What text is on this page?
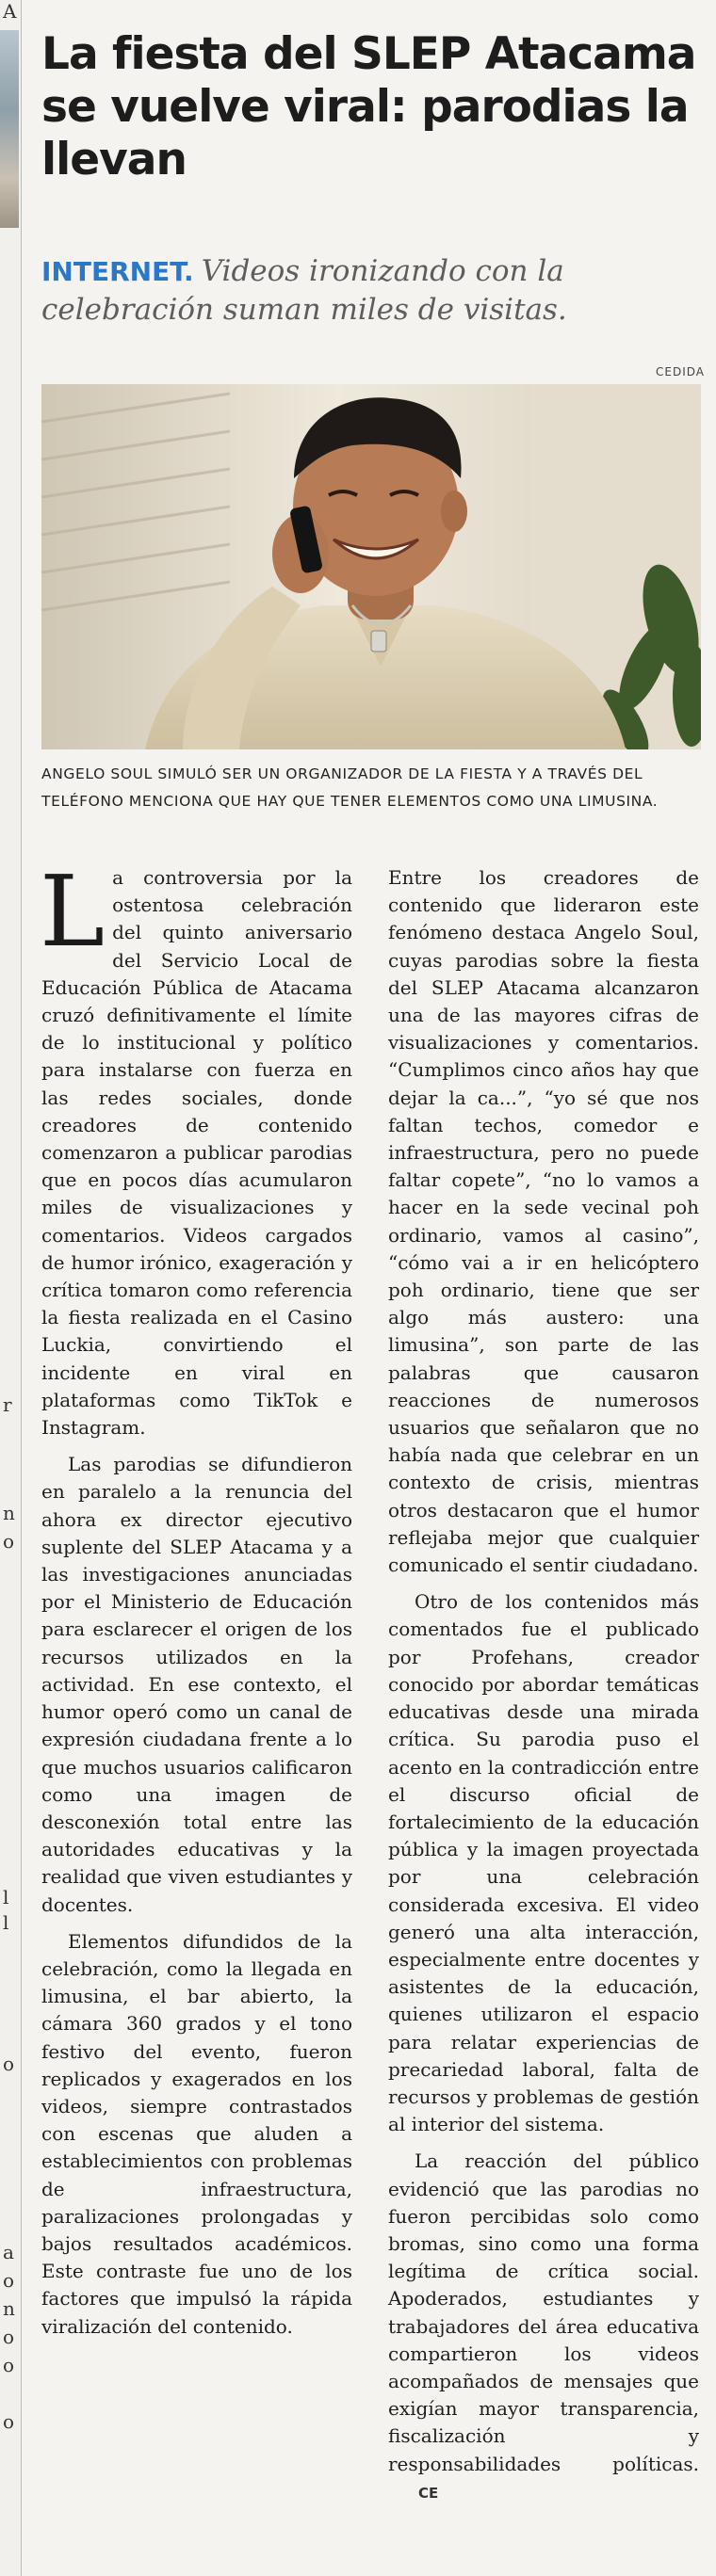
A
r
n
o
l
l
o
a
o
n
o
o
o
La fiesta del SLEP Atacama se vuelve viral: parodias la llevan
INTERNET. Videos ironizando con la celebración suman miles de visitas.
CEDIDA
ANGELO SOUL SIMULÓ SER UN ORGANIZADOR DE LA FIESTA Y A TRAVÉS DEL TELÉFONO MENCIONA QUE HAY QUE TENER ELEMENTOS COMO UNA LIMUSINA.

La controversia por la ostentosa celebración del quinto aniversario del Servicio Local de Educación Pública de Atacama cruzó definitivamente el límite de lo institucional y político para instalarse con fuerza en las redes sociales, donde creadores de contenido comenzaron a publicar parodias que en pocos días acumularon miles de visualizaciones y comentarios. Videos cargados de humor irónico, exageración y crítica tomaron como referencia la fiesta realizada en el Casino Luckia, convirtiendo el incidente en viral en plataformas como TikTok e Instagram.

Las parodias se difundieron en paralelo a la renuncia del ahora ex director ejecutivo suplente del SLEP Atacama y a las investigaciones anunciadas por el Ministerio de Educación para esclarecer el origen de los recursos utilizados en la actividad. En ese contexto, el humor operó como un canal de expresión ciudadana frente a lo que muchos usuarios calificaron como una imagen de desconexión total entre las autoridades educativas y la realidad que viven estudiantes y docentes.

Elementos difundidos de la celebración, como la llegada en limusina, el bar abierto, la cámara 360 grados y el tono festivo del evento, fueron replicados y exagerados en los videos, siempre contrastados con escenas que aluden a establecimientos con problemas de infraestructura, paralizaciones prolongadas y bajos resultados académicos. Este contraste fue uno de los factores que impulsó la rápida viralización del contenido.

Entre los creadores de contenido que lideraron este fenómeno destaca Angelo Soul, cuyas parodias sobre la fiesta del SLEP Atacama alcanzaron una de las mayores cifras de visualizaciones y comentarios. “Cumplimos cinco años hay que dejar la ca...”, “yo sé que nos faltan techos, comedor e infraestructura, pero no puede faltar copete”, “no lo vamos a hacer en la sede vecinal poh ordinario, vamos al casino”, “cómo vai a ir en helicóptero poh ordinario, tiene que ser algo más austero: una limusina”, son parte de las palabras que causaron reacciones de numerosos usuarios que señalaron que no había nada que celebrar en un contexto de crisis, mientras otros destacaron que el humor reflejaba mejor que cualquier comunicado el sentir ciudadano.

Otro de los contenidos más comentados fue el publicado por Profehans, creador conocido por abordar temáticas educativas desde una mirada crítica. Su parodia puso el acento en la contradicción entre el discurso oficial de fortalecimiento de la educación pública y la imagen proyectada por una celebración considerada excesiva. El video generó una alta interacción, especialmente entre docentes y asistentes de la educación, quienes utilizaron el espacio para relatar experiencias de precariedad laboral, falta de recursos y problemas de gestión al interior del sistema.

La reacción del público evidenció que las parodias no fueron percibidas solo como bromas, sino como una forma legítima de crítica social. Apoderados, estudiantes y trabajadores del área educativa compartieron los videos acompañados de mensajes que exigían mayor transparencia, fiscalización y responsabilidades políticas.CE
